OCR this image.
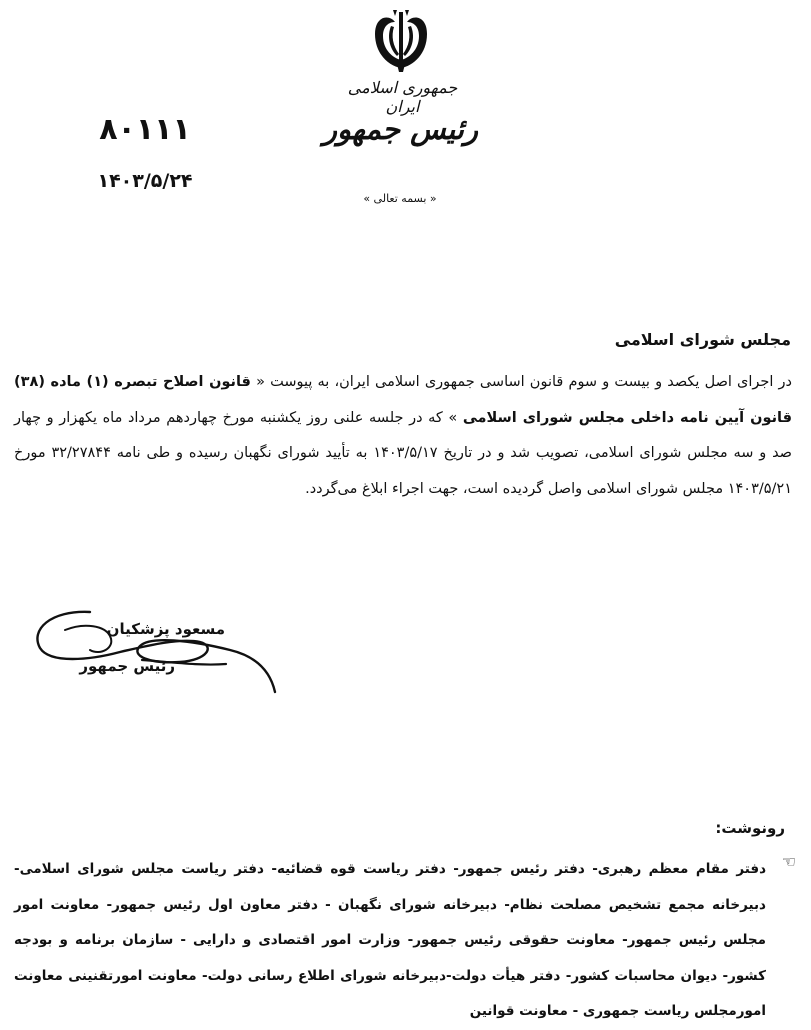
جمهوری اسلامی ایران
رئیس جمهور
« بسمه تعالی »
۸۰۱۱۱
۱۴۰۳/۵/۲۴
مجلس شورای اسلامی
در اجرای اصل یکصد و بیست و سوم قانون اساسی جمهوری اسلامی ایران، به پیوست « قانون اصلاح تبصره (۱) ماده (۳۸) قانون آیین نامه داخلی مجلس شورای اسلامی » که در جلسه علنی روز یکشنبه مورخ چهاردهم مرداد ماه یکهزار و چهار صد و سه مجلس شورای اسلامی، تصویب شد و در تاریخ ۱۴۰۳/۵/۱۷ به تأیید شورای نگهبان رسیده و طی نامه ۳۲/۲۷۸۴۴ مورخ ۱۴۰۳/۵/۲۱ مجلس شورای اسلامی واصل گردیده است، جهت اجراء ابلاغ می‌گردد.
مسعود پزشکیان
رئیس جمهور
رونوشت:
☜
دفتر مقام معظم رهبری- دفتر رئیس جمهور- دفتر ریاست قوه قضائیه- دفتر ریاست مجلس شورای اسلامی- دبیرخانه مجمع تشخیص مصلحت نظام- دبیرخانه شورای نگهبان - دفتر معاون اول رئیس جمهور- معاونت امور مجلس رئیس جمهور- معاونت حقوقی رئیس جمهور- وزارت امور اقتصادی و دارایی - سازمان برنامه و بودجه کشور- دیوان محاسبات کشور- دفتر هیأت دولت-دبیرخانه شورای اطلاع رسانی دولت- معاونت امورتقنینی معاونت امورمجلس ریاست جمهوری - معاونت قوانین
